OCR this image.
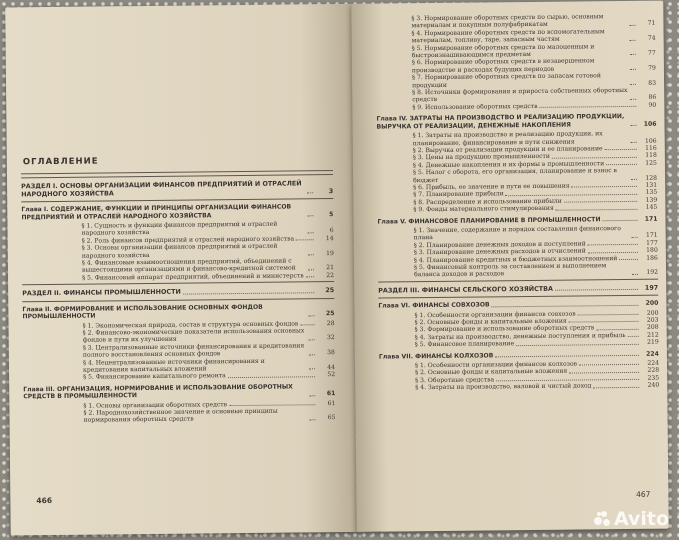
ОГЛАВЛЕНИЕ
РАЗДЕЛ I. ОСНОВЫ ОРГАНИЗАЦИИ ФИНАНСОВ ПРЕДПРИЯТИЙ И ОТРАСЛЕЙ НАРОДНОГО ХОЗЯЙСТВА	3
Глава I. СОДЕРЖАНИЕ, ФУНКЦИИ И ПРИНЦИПЫ ОРГАНИЗАЦИИ ФИНАНСОВ ПРЕДПРИЯТИЙ И ОТРАСЛЕЙ НАРОДНОГО ХОЗЯЙСТВА	5
§ 1. Сущность и функции финансов предприятий и отраслей народного хозяйства	6
§ 2. Роль финансов предприятий и отраслей народного хозяйства	14
§ 3. Основы организации финансов предприятий и отраслей народного хозяйства	19
§ 4. Финансовые взаимоотношения предприятий, объединений с вышестоящими организациями и финансово-кредитной системой	21
§ 5. Финансовый аппарат предприятий, объединений и министерств	22
РАЗДЕЛ II. ФИНАНСЫ ПРОМЫШЛЕННОСТИ	25
Глава II. ФОРМИРОВАНИЕ И ИСПОЛЬЗОВАНИЕ ОСНОВНЫХ ФОНДОВ ПРОМЫШЛЕННОСТИ	25
§ 1. Экономическая природа, состав и структура основных фондов	28
§ 2. Финансово-экономические показатели использования основных фондов и пути их улучшения	32
§ 3. Централизованные источники финансирования и кредитования полного восстановления основных фондов	38
§ 4. Нецентрализованные источники финансирования и кредитования капитальных вложений	44
§ 5. Финансирование капитального ремонта	52
Глава III. ОРГАНИЗАЦИЯ, НОРМИРОВАНИЕ И ИСПОЛЬЗОВАНИЕ ОБОРОТНЫХ СРЕДСТВ В ПРОМЫШЛЕННОСТИ	61
§ 1. Основы организации оборотных средств	61
§ 2. Народнохозяйственное значение и основные принципы нормирования оборотных средств	65
466
§ 3. Нормирование оборотных средств по сырью, основным материалам и покупным полуфабрикатам	71
§ 4. Нормирование оборотных средств по вспомогательным материалам, топливу, таре, запасным частям	74
§ 5. Нормирование оборотных средств по малоценным и быстроизнашивающимся предметам	77
§ 6. Нормирование оборотных средств в незавершенном производстве и расходах будущих периодов	79
§ 7. Нормирование оборотных средств по запасам готовой продукции	83
§ 8. Источники формирования и прироста собственных оборотных средств	86
§ 9. Использование оборотных средств	90
Глава IV. ЗАТРАТЫ НА ПРОИЗВОДСТВО И РЕАЛИЗАЦИЮ ПРОДУКЦИИ, ВЫРУЧКА ОТ РЕАЛИЗАЦИИ, ДЕНЕЖНЫЕ НАКОПЛЕНИЯ	106
§ 1. Затраты на производство и реализацию продукции, их планирование, финансирование и пути снижения	106
§ 2. Выручка от реализации продукции и ее планирование	116
§ 3. Цены на продукцию промышленности	118
§ 4. Денежные накопления и их формы в промышленности	125
§ 5. Налог с оборота, его организация, планирование и взнос в бюджет	128
§ 6. Прибыль, ее значение и пути ее повышения	131
§ 7. Планирование прибыли	135
§ 8. Распределение и использование прибыли	139
§ 9. Фонды материального стимулирования	145
Глава V. ФИНАНСОВОЕ ПЛАНИРОВАНИЕ В ПРОМЫШЛЕННОСТИ	171
§ 1. Значение, содержание и порядок составления финансового плана	171
§ 2. Планирование денежных доходов и поступлений	177
§ 3. Планирование денежных расходов и отчислений	180
§ 4. Планирование кредитных и бюджетных взаимоотношений	186
§ 5. Финансовый контроль за составлением и выполнением баланса доходов и расходов	192
РАЗДЕЛ III. ФИНАНСЫ СЕЛЬСКОГО ХОЗЯЙСТВА	197
Глава VI. ФИНАНСЫ СОВХОЗОВ	200
§ 1. Особенности организации финансов совхозов	200
§ 2. Основные фонды и капитальные вложения	203
§ 3. Формирование и использование оборотных средств	208
§ 4. Затраты на производство, денежные поступления и прибыль	212
§ 5. Финансовое планирование	219
Глава VII. ФИНАНСЫ КОЛХОЗОВ	224
§ 1. Особенности организации финансов колхозов	224
§ 2. Основные фонды и капитальные вложения	228
§ 3. Оборотные средства	235
§ 4. Затраты на производство, валовой и чистый доход	240
467
Avito
